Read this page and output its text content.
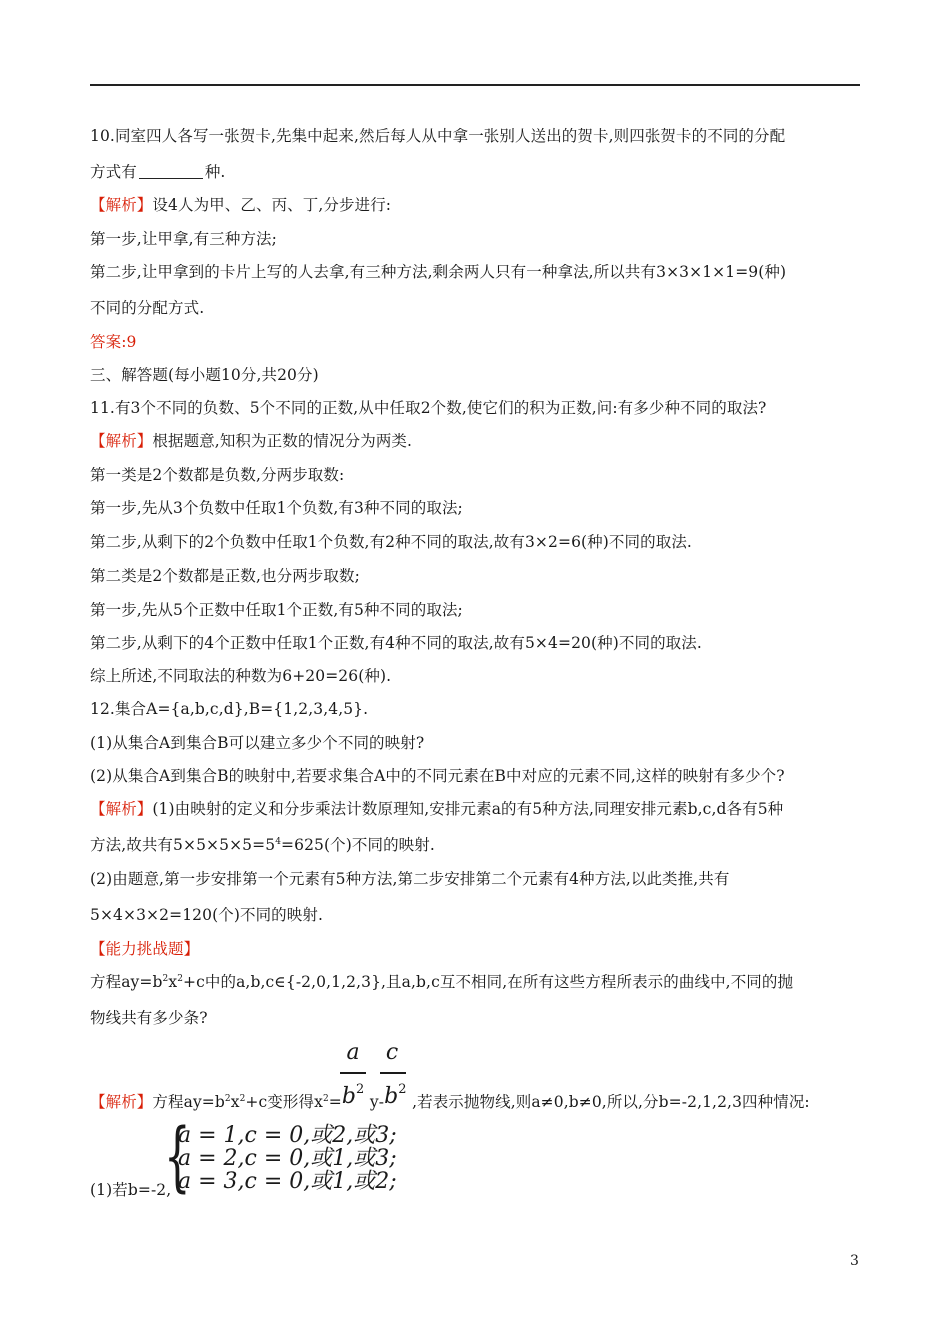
10.同室四人各写一张贺卡,先集中起来,然后每人从中拿一张别人送出的贺卡,则四张贺卡的不同的分配
方式有	种.
【解析】设4人为甲、乙、丙、丁,分步进行:
第一步,让甲拿,有三种方法;
第二步,让甲拿到的卡片上写的人去拿,有三种方法,剩余两人只有一种拿法,所以共有3×3×1×1=9(种)
不同的分配方式.
答案:9
三、解答题(每小题10分,共20分)
11.有3个不同的负数、5个不同的正数,从中任取2个数,使它们的积为正数,问:有多少种不同的取法?
【解析】根据题意,知积为正数的情况分为两类.
第一类是2个数都是负数,分两步取数:
第一步,先从3个负数中任取1个负数,有3种不同的取法;
第二步,从剩下的2个负数中任取1个负数,有2种不同的取法,故有3×2=6(种)不同的取法.
第二类是2个数都是正数,也分两步取数;
第一步,先从5个正数中任取1个正数,有5种不同的取法;
第二步,从剩下的4个正数中任取1个正数,有4种不同的取法,故有5×4=20(种)不同的取法.
综上所述,不同取法的种数为6+20=26(种).
12.集合A={a,b,c,d},B={1,2,3,4,5}.
(1)从集合A到集合B可以建立多少个不同的映射?
(2)从集合A到集合B的映射中,若要求集合A中的不同元素在B中对应的元素不同,这样的映射有多少个?
【解析】(1)由映射的定义和分步乘法计数原理知,安排元素a的有5种方法,同理安排元素b,c,d各有5种
方法,故共有$5\times 5\times 5\times 5=5^4=625$(个)不同的映射.
(2)由题意,第一步安排第一个元素有5种方法,第二步安排第二个元素有4种方法,以此类推,共有
5×4×3×2=120(个)不同的映射.
【能力挑战题】
方程$ay=b^2x^2+c$中的a,b,c∈{-2,0,1,2,3},且a,b,c互不相同,在所有这些方程所表示的曲线中,不同的抛
物线共有多少条?
a	c
【解析】方程$ay=b^2x^2+c$变形得$x^2=b^2y-b^2$,若表示抛物线,则a≠0,b≠0,所以,分b=-2,1,2,3四种情况:
(1)若b=-2,
{
a = 1,c = 0,或2,或3;
a = 2,c = 0,或1,或3;
a = 3,c = 0,或1,或2;
3
